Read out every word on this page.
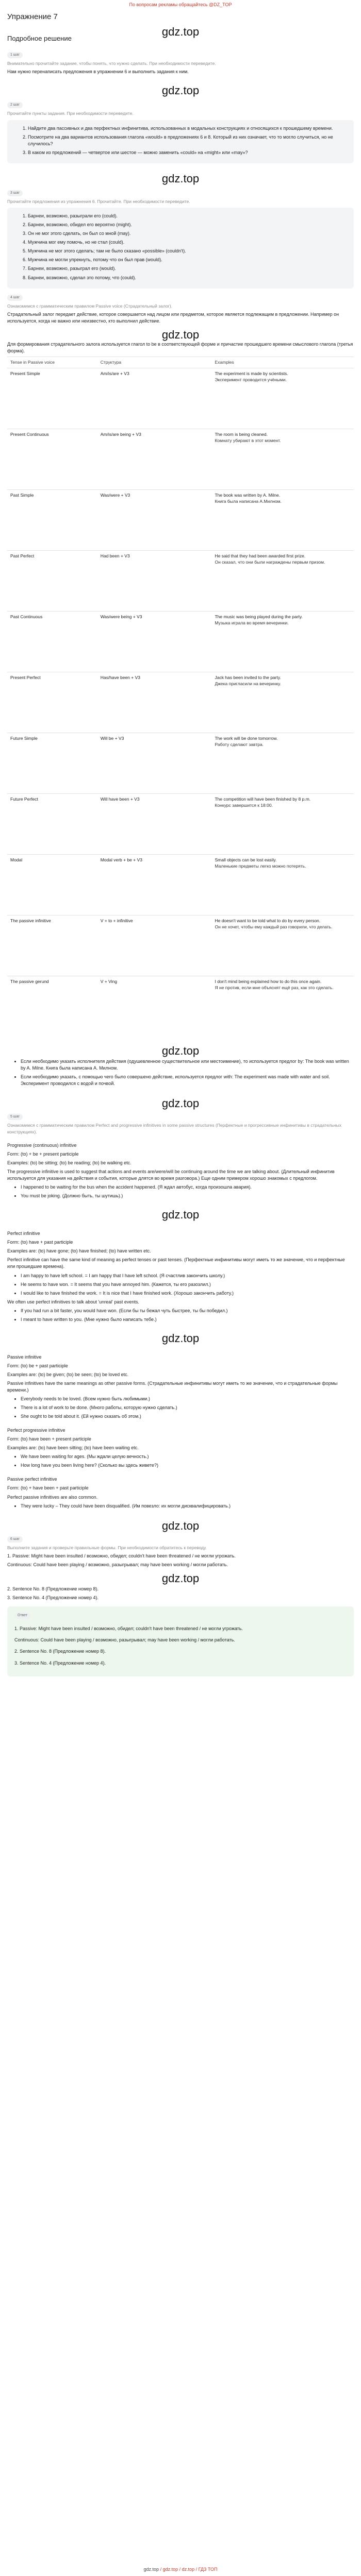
По вопросам рекламы обращайтесь @DZ_TOP
Упражнение 7
gdz.top
Подробное решение
1 шаг
Внимательно прочитайте задание, чтобы понять, что нужно сделать. При необходимости переведите.

Нам нужно перенаписать предложения в упражнении 6 и выполнить задания к ним.

gdz.top
2 шаг
Прочитайте пункты задания. При необходимости переведите.
1. Найдите два пассивных и два перфектных инфинитива, использованных в модальных конструкциях и относящихся к прошедшему времени.
2. Посмотрите на два вариантов использования глагола «would» в предложениях 6 и 8. Который из них означает, что то могло случиться, но не случилось?
3. В каком из предложений — четвертое или шестое — можно заменить «could» на «might» или «may»?
gdz.top
3 шаг
Прочитайте предложения из упражнения 6. Прочитайте. При необходимости переведите.
1. Барнеи, возможно, разыграли его (could).
2. Барнеи, возможно, обидел его вероятно (might).
3. Он не мог этого сделать, он был со мной (may).
4. Мужчина мог ему помочь, но не стал (could).
5. Мужчина не мог этого сделать; там не было сказано «possible» (couldn't).
6. Мужчина не могли упрекнуть, потому что он был прав (would).
7. Барнеи, возможно, разыграл его (would).
8. Барнеи, возможно, сделал это потому, что (could).
4 шаг
Ознакомимся с грамматическим правилом Passive voice (Страдательный залог).

Страдательный залог передает действие, которое совершается над лицом или предметом, которое является подлежащим в предложении. Например он используется, когда не важно или неизвестно, кто выполнил действие.

gdz.top

Для формирования страдательного залога используется глагол to be в соответствующей форме и причастие прошедшего времени смыслового глагола (третья форма).

Tense in Passive voice	Структура	Examples
Present Simple	Am/is/are + V3	The experiment is made by scientists.
Эксперимент проводится учёными.

Present Continuous	Am/is/are being + V3	The room is being cleaned.
Комнату убирают в этот момент.

Past Simple	Was/were + V3	The book was written by A. Milne.
Книга была написана А.Милном.

Past Perfect	Had been + V3	He said that they had been awarded first prize.
Он сказал, что они были награждены первым призом.

Past Continuous	Was/were being + V3	The music was being played during the party.
Музыка играла во время вечеринки.

Present Perfect	Has/have been + V3	Jack has been invited to the party.
Джека пригласили на вечеринку.

Future Simple	Will be + V3	The work will be done tomorrow.
Работу сделают завтра.

Future Perfect	Will have been + V3	The competition will have been finished by 8 p.m.
Конкурс завершится к 18:00.

Modal	Modal verb + be + V3	Small objects can be lost easily.
Маленькие предметы легко можно потерять.

The passive infinitive	V + to + infinitive	He doesn't want to be told what to do by every person.
Он не хочет, чтобы ему каждый раз говорили, что делать.

The passive gerund	V + Ving	I don't mind being explained how to do this once again.
Я не против, если мне объяснят ещё раз, как это сделать.
gdz.top
• Если необходимо указать исполнителя действия (одушевленное существительное или местоимение), то используется предлог by: The book was written by A. Milne. Книга была написана А. Милном.
• Если необходимо указать, с помощью чего было совершено действие, используется предлог with: The experiment was made with water and soil. Эксперимент проводился с водой и почвой.
gdz.top
5 шаг
Ознакомимся с грамматическим правилом Perfect and progressive infinitives in some passive structures (Перфектные и прогрессивные инфинитивы в страдательных конструкциях).

Progressive (continuous) infinitive

Form: (to) + be + present participle

Examples: (to) be sitting; (to) be reading; (to) be walking etc.

The progressive infinitive is used to suggest that actions and events are/were/will be continuing around the time we are talking about. (Длительный инфинитив используется для указания на действия и события, которые длятся во время разговора.) Еще одним примером хорошо знакомых с предлогом.

• I happened to be waiting for the bus when the accident happened. (Я ждал автобус, когда произошла авария).
• You must be joking. (Должно быть, ты шутишь).)
gdz.top

Perfect infinitive

Form: (to) have + past participle

Examples are: (to) have gone; (to) have finished; (to) have written etc.

Perfect infinitive can have the same kind of meaning as perfect tenses or past tenses. (Перфектные инфинитивы могут иметь то же значение, что и перфектные или прошедшие времена).

• I am happy to have left school. = I am happy that I have left school. (Я счастлив закончить школу.)
• He seems to have won. = It seems that you have annoyed him. (Кажется, ты его разозлил.)
• I would like to have finished the work. = It is nice that I have finished work. (Хорошо закончить работу.)

We often use perfect infinitives to talk about 'unreal' past events.

• If you had run a bit faster, you would have won. (Если бы ты бежал чуть быстрее, ты бы победил.)
• I meant to have written to you. (Мне нужно было написать тебе.)
gdz.top

Passive infinitive

Form: (to) be + past participle

Examples are: (to) be given; (to) be seen; (to) be loved etc.

Passive infinitives have the same meanings as other passive forms. (Страдательные инфинитивы могут иметь то же значение, что и страдательные формы времени.)

• Everybody needs to be loved. (Всем нужно быть любимыми.)
• There is a lot of work to be done. (Много работы, которую нужно сделать.)
• She ought to be told about it. (Ей нужно сказать об этом.)

Perfect progressive infinitive

Form: (to) have been + present participle

Examples are: (to) have been sitting; (to) have been waiting etc.

• We have been waiting for ages. (Мы ждали целую вечность.)
• How long have you been living here? (Сколько вы здесь живете?)

Passive perfect infinitive

Form: (to) + have been + past participle

Perfect passive infinitives are also common.

• They were lucky – They could have been disqualified. (Им повезло: их могли дисквалифицировать.)
gdz.top
6 шаг
Выполните задания и проверьте правильные формы. При необходимости обратитесь к переводу.

1. Passive: Might have been insulted / возможно, обидел; couldn't have been threatened / не могли угрожать.

Continuous: Could have been playing / возможно, разыгрывал; may have been working / могли работать.

gdz.top

2. Sentence No. 8 (Предложение номер 8).

3. Sentence No. 4 (Предложение номер 4).

Ответ

1. Passive: Might have been insulted / возможно, обидел; couldn't have been threatened / не могли угрожать.

Continuous: Could have been playing / возможно, разыгрывал; may have been working / могли работать.

2. Sentence No. 8 (Предложение номер 8).

3. Sentence No. 4 (Предложение номер 4).

gdz.top / gdz.top / dz.top / ГДЗ ТОП
